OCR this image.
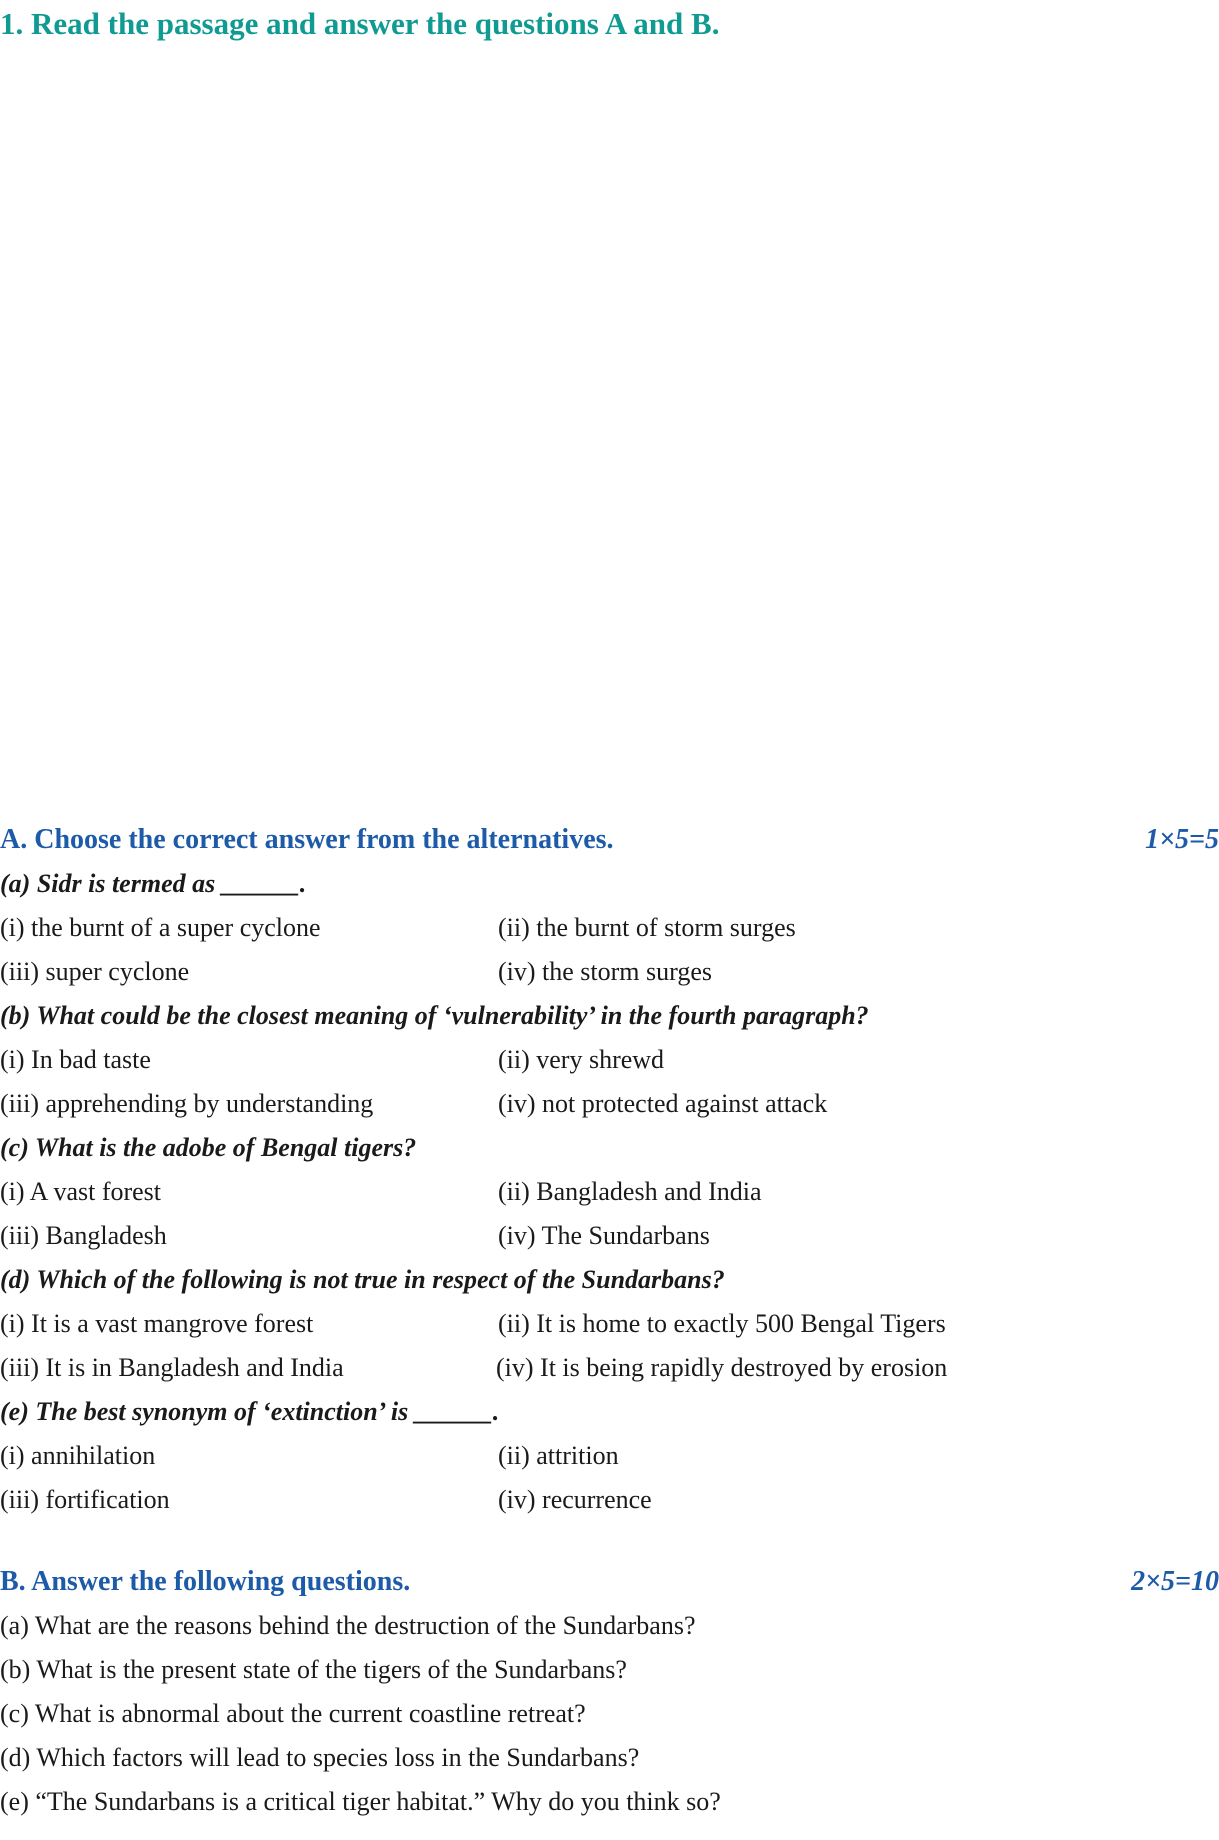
1. Read the passage and answer the questions A and B.
A. Choose the correct answer from the alternatives.	1×5=5
(a) Sidr is termed as ______.
(i) the burnt of a super cyclone	(ii) the burnt of storm surges
(iii) super cyclone	(iv) the storm surges
(b) What could be the closest meaning of ‘vulnerability’ in the fourth paragraph?
(i) In bad taste	(ii) very shrewd
(iii) apprehending by understanding	(iv) not protected against attack
(c) What is the adobe of Bengal tigers?
(i) A vast forest	(ii) Bangladesh and India
(iii) Bangladesh	(iv) The Sundarbans
(d) Which of the following is not true in respect of the Sundarbans?
(i) It is a vast mangrove forest	(ii) It is home to exactly 500 Bengal Tigers
(iii) It is in Bangladesh and India	(iv) It is being rapidly destroyed by erosion
(e) The best synonym of ‘extinction’ is ______.
(i) annihilation	(ii) attrition
(iii) fortification	(iv) recurrence
B. Answer the following questions.	2×5=10
(a) What are the reasons behind the destruction of the Sundarbans?
(b) What is the present state of the tigers of the Sundarbans?
(c) What is abnormal about the current coastline retreat?
(d) Which factors will lead to species loss in the Sundarbans?
(e) “The Sundarbans is a critical tiger habitat.” Why do you think so?
